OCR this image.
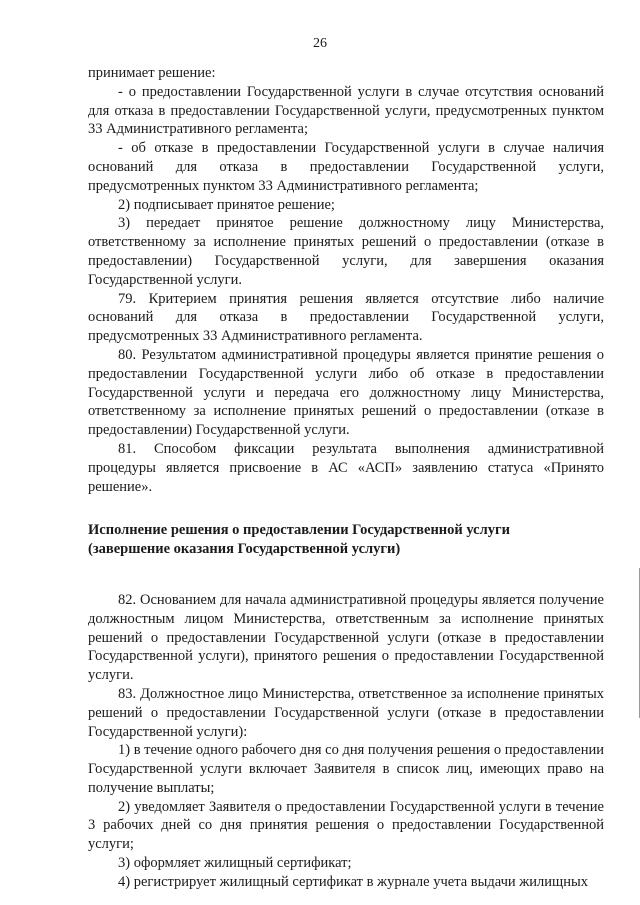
26

принимает решение:

- о предоставлении Государственной услуги в случае отсутствия оснований для отказа в предоставлении Государственной услуги, предусмотренных пунктом 33 Административного регламента;

- об отказе в предоставлении Государственной услуги в случае наличия оснований для отказа в предоставлении Государственной услуги, предусмотренных пунктом 33 Административного регламента;

2) подписывает принятое решение;

3) передает принятое решение должностному лицу Министерства, ответственному за исполнение принятых решений о предоставлении (отказе в предоставлении) Государственной услуги, для завершения оказания Государственной услуги.

79. Критерием принятия решения является отсутствие либо наличие оснований для отказа в предоставлении Государственной услуги, предусмотренных 33 Административного регламента.

80. Результатом административной процедуры является принятие решения о предоставлении Государственной услуги либо об отказе в предоставлении Государственной услуги и передача его должностному лицу Министерства, ответственному за исполнение принятых решений о предоставлении (отказе в предоставлении) Государственной услуги.

81. Способом фиксации результата выполнения административной процедуры является присвоение в АС «АСП» заявлению статуса «Принято решение».

Исполнение решения о предоставлении Государственной услуги

(завершение оказания Государственной услуги)

82. Основанием для начала административной процедуры является получение должностным лицом Министерства, ответственным за исполнение принятых решений о предоставлении Государственной услуги (отказе в предоставлении Государственной услуги), принятого решения о предоставлении Государственной услуги.

83. Должностное лицо Министерства, ответственное за исполнение принятых решений о предоставлении Государственной услуги (отказе в предоставлении Государственной услуги):

1) в течение одного рабочего дня со дня получения решения о предоставлении Государственной услуги включает Заявителя в список лиц, имеющих право на получение выплаты;

2) уведомляет Заявителя о предоставлении Государственной услуги в течение 3 рабочих дней со дня принятия решения о предоставлении Государственной услуги;

3) оформляет жилищный сертификат;

4) регистрирует жилищный сертификат в журнале учета выдачи жилищных
